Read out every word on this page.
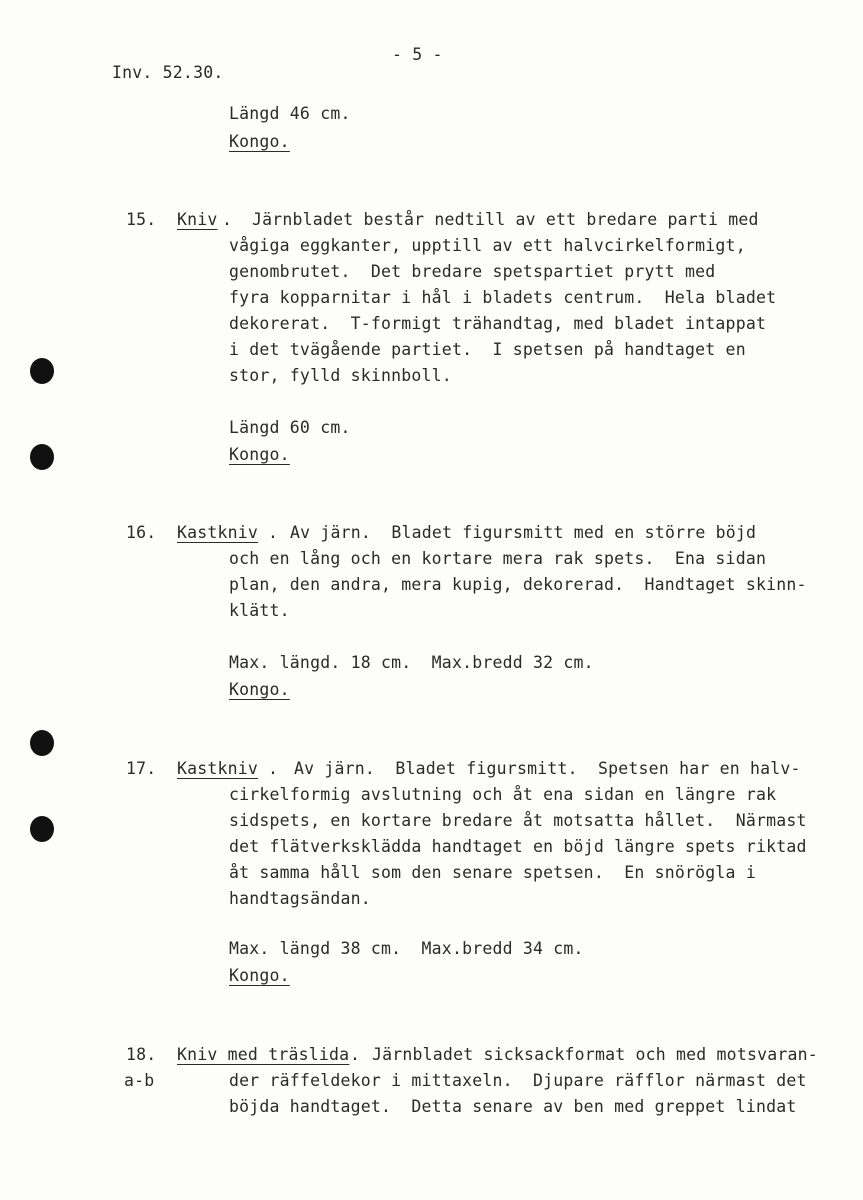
- 5 -
Inv. 52.30.
Längd 46 cm.
Kongo.
15. Kniv . Järnbladet består nedtill av ett bredare parti med
vågiga eggkanter, upptill av ett halvcirkelformigt,
genombrutet.  Det bredare spetspartiet prytt med
fyra kopparnitar i hål i bladets centrum.  Hela bladet
dekorerat.  T-formigt trähandtag, med bladet intappat
i det tvägående partiet.  I spetsen på handtaget en
stor, fylld skinnboll.
Längd 60 cm.
Kongo.
16. Kastkniv . Av järn.  Bladet figursmitt med en större böjd
och en lång och en kortare mera rak spets.  Ena sidan
plan, den andra, mera kupig, dekorerad.  Handtaget skinn-
klätt.
Max. längd. 18 cm.  Max.bredd 32 cm.
Kongo.
17. Kastkniv . Av järn.  Bladet figursmitt.  Spetsen har en halv-
cirkelformig avslutning och åt ena sidan en längre rak
sidspets, en kortare bredare åt motsatta hållet.  Närmast
det flätverksklädda handtaget en böjd längre spets riktad
åt samma håll som den senare spetsen.  En snörögla i
handtagsändan.
Max. längd 38 cm.  Max.bredd 34 cm.
Kongo.
18.
a-b
Kniv med träslida . Järnbladet sicksackformat och med motsvaran-
der räffeldekor i mittaxeln.  Djupare räfflor närmast det
böjda handtaget.  Detta senare av ben med greppet lindat
